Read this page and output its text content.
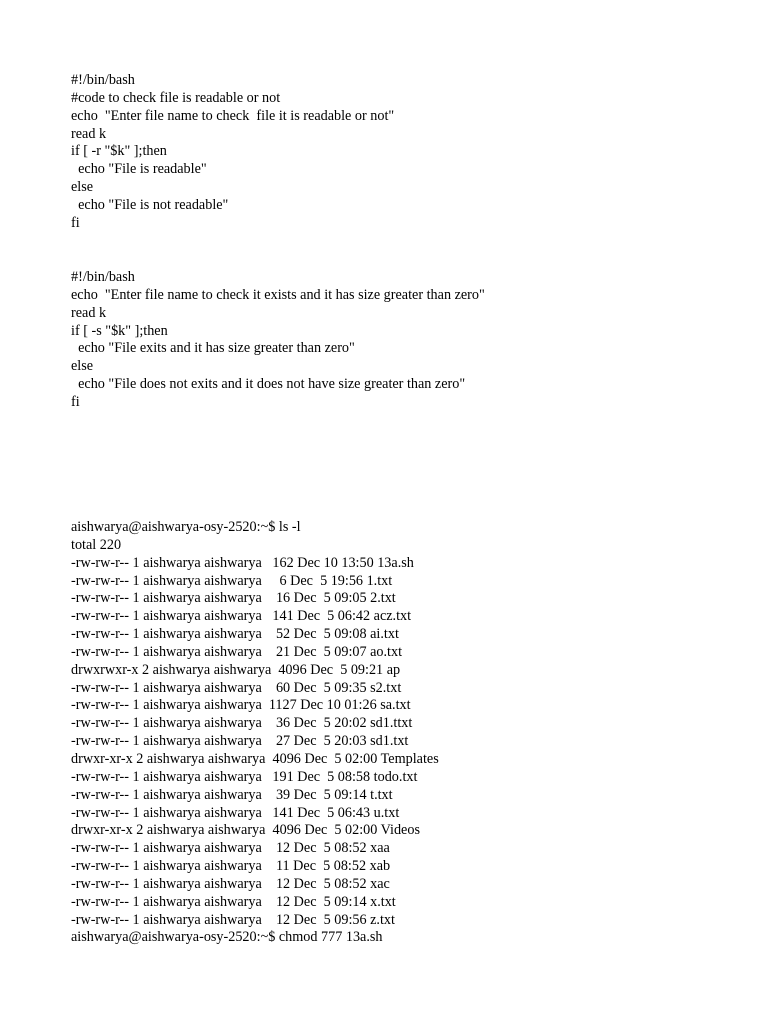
#!/bin/bash
#code to check file is readable or not
echo  "Enter file name to check  file it is readable or not"
read k
if [ -r "$k" ];then
echo "File is readable"
else
echo "File is not readable"
fi
#!/bin/bash
echo  "Enter file name to check it exists and it has size greater than zero"
read k
if [ -s "$k" ];then
echo "File exits and it has size greater than zero"
else
echo "File does not exits and it does not have size greater than zero"
fi
aishwarya@aishwarya-osy-2520:~$ ls -l
total 220
-rw-rw-r-- 1 aishwarya aishwarya   162 Dec 10 13:50 13a.sh
-rw-rw-r-- 1 aishwarya aishwarya     6 Dec  5 19:56 1.txt
-rw-rw-r-- 1 aishwarya aishwarya    16 Dec  5 09:05 2.txt
-rw-rw-r-- 1 aishwarya aishwarya   141 Dec  5 06:42 acz.txt
-rw-rw-r-- 1 aishwarya aishwarya    52 Dec  5 09:08 ai.txt
-rw-rw-r-- 1 aishwarya aishwarya    21 Dec  5 09:07 ao.txt
drwxrwxr-x 2 aishwarya aishwarya  4096 Dec  5 09:21 ap
-rw-rw-r-- 1 aishwarya aishwarya    60 Dec  5 09:35 s2.txt
-rw-rw-r-- 1 aishwarya aishwarya  1127 Dec 10 01:26 sa.txt
-rw-rw-r-- 1 aishwarya aishwarya    36 Dec  5 20:02 sd1.ttxt
-rw-rw-r-- 1 aishwarya aishwarya    27 Dec  5 20:03 sd1.txt
drwxr-xr-x 2 aishwarya aishwarya  4096 Dec  5 02:00 Templates
-rw-rw-r-- 1 aishwarya aishwarya   191 Dec  5 08:58 todo.txt
-rw-rw-r-- 1 aishwarya aishwarya    39 Dec  5 09:14 t.txt
-rw-rw-r-- 1 aishwarya aishwarya   141 Dec  5 06:43 u.txt
drwxr-xr-x 2 aishwarya aishwarya  4096 Dec  5 02:00 Videos
-rw-rw-r-- 1 aishwarya aishwarya    12 Dec  5 08:52 xaa
-rw-rw-r-- 1 aishwarya aishwarya    11 Dec  5 08:52 xab
-rw-rw-r-- 1 aishwarya aishwarya    12 Dec  5 08:52 xac
-rw-rw-r-- 1 aishwarya aishwarya    12 Dec  5 09:14 x.txt
-rw-rw-r-- 1 aishwarya aishwarya    12 Dec  5 09:56 z.txt
aishwarya@aishwarya-osy-2520:~$ chmod 777 13a.sh
